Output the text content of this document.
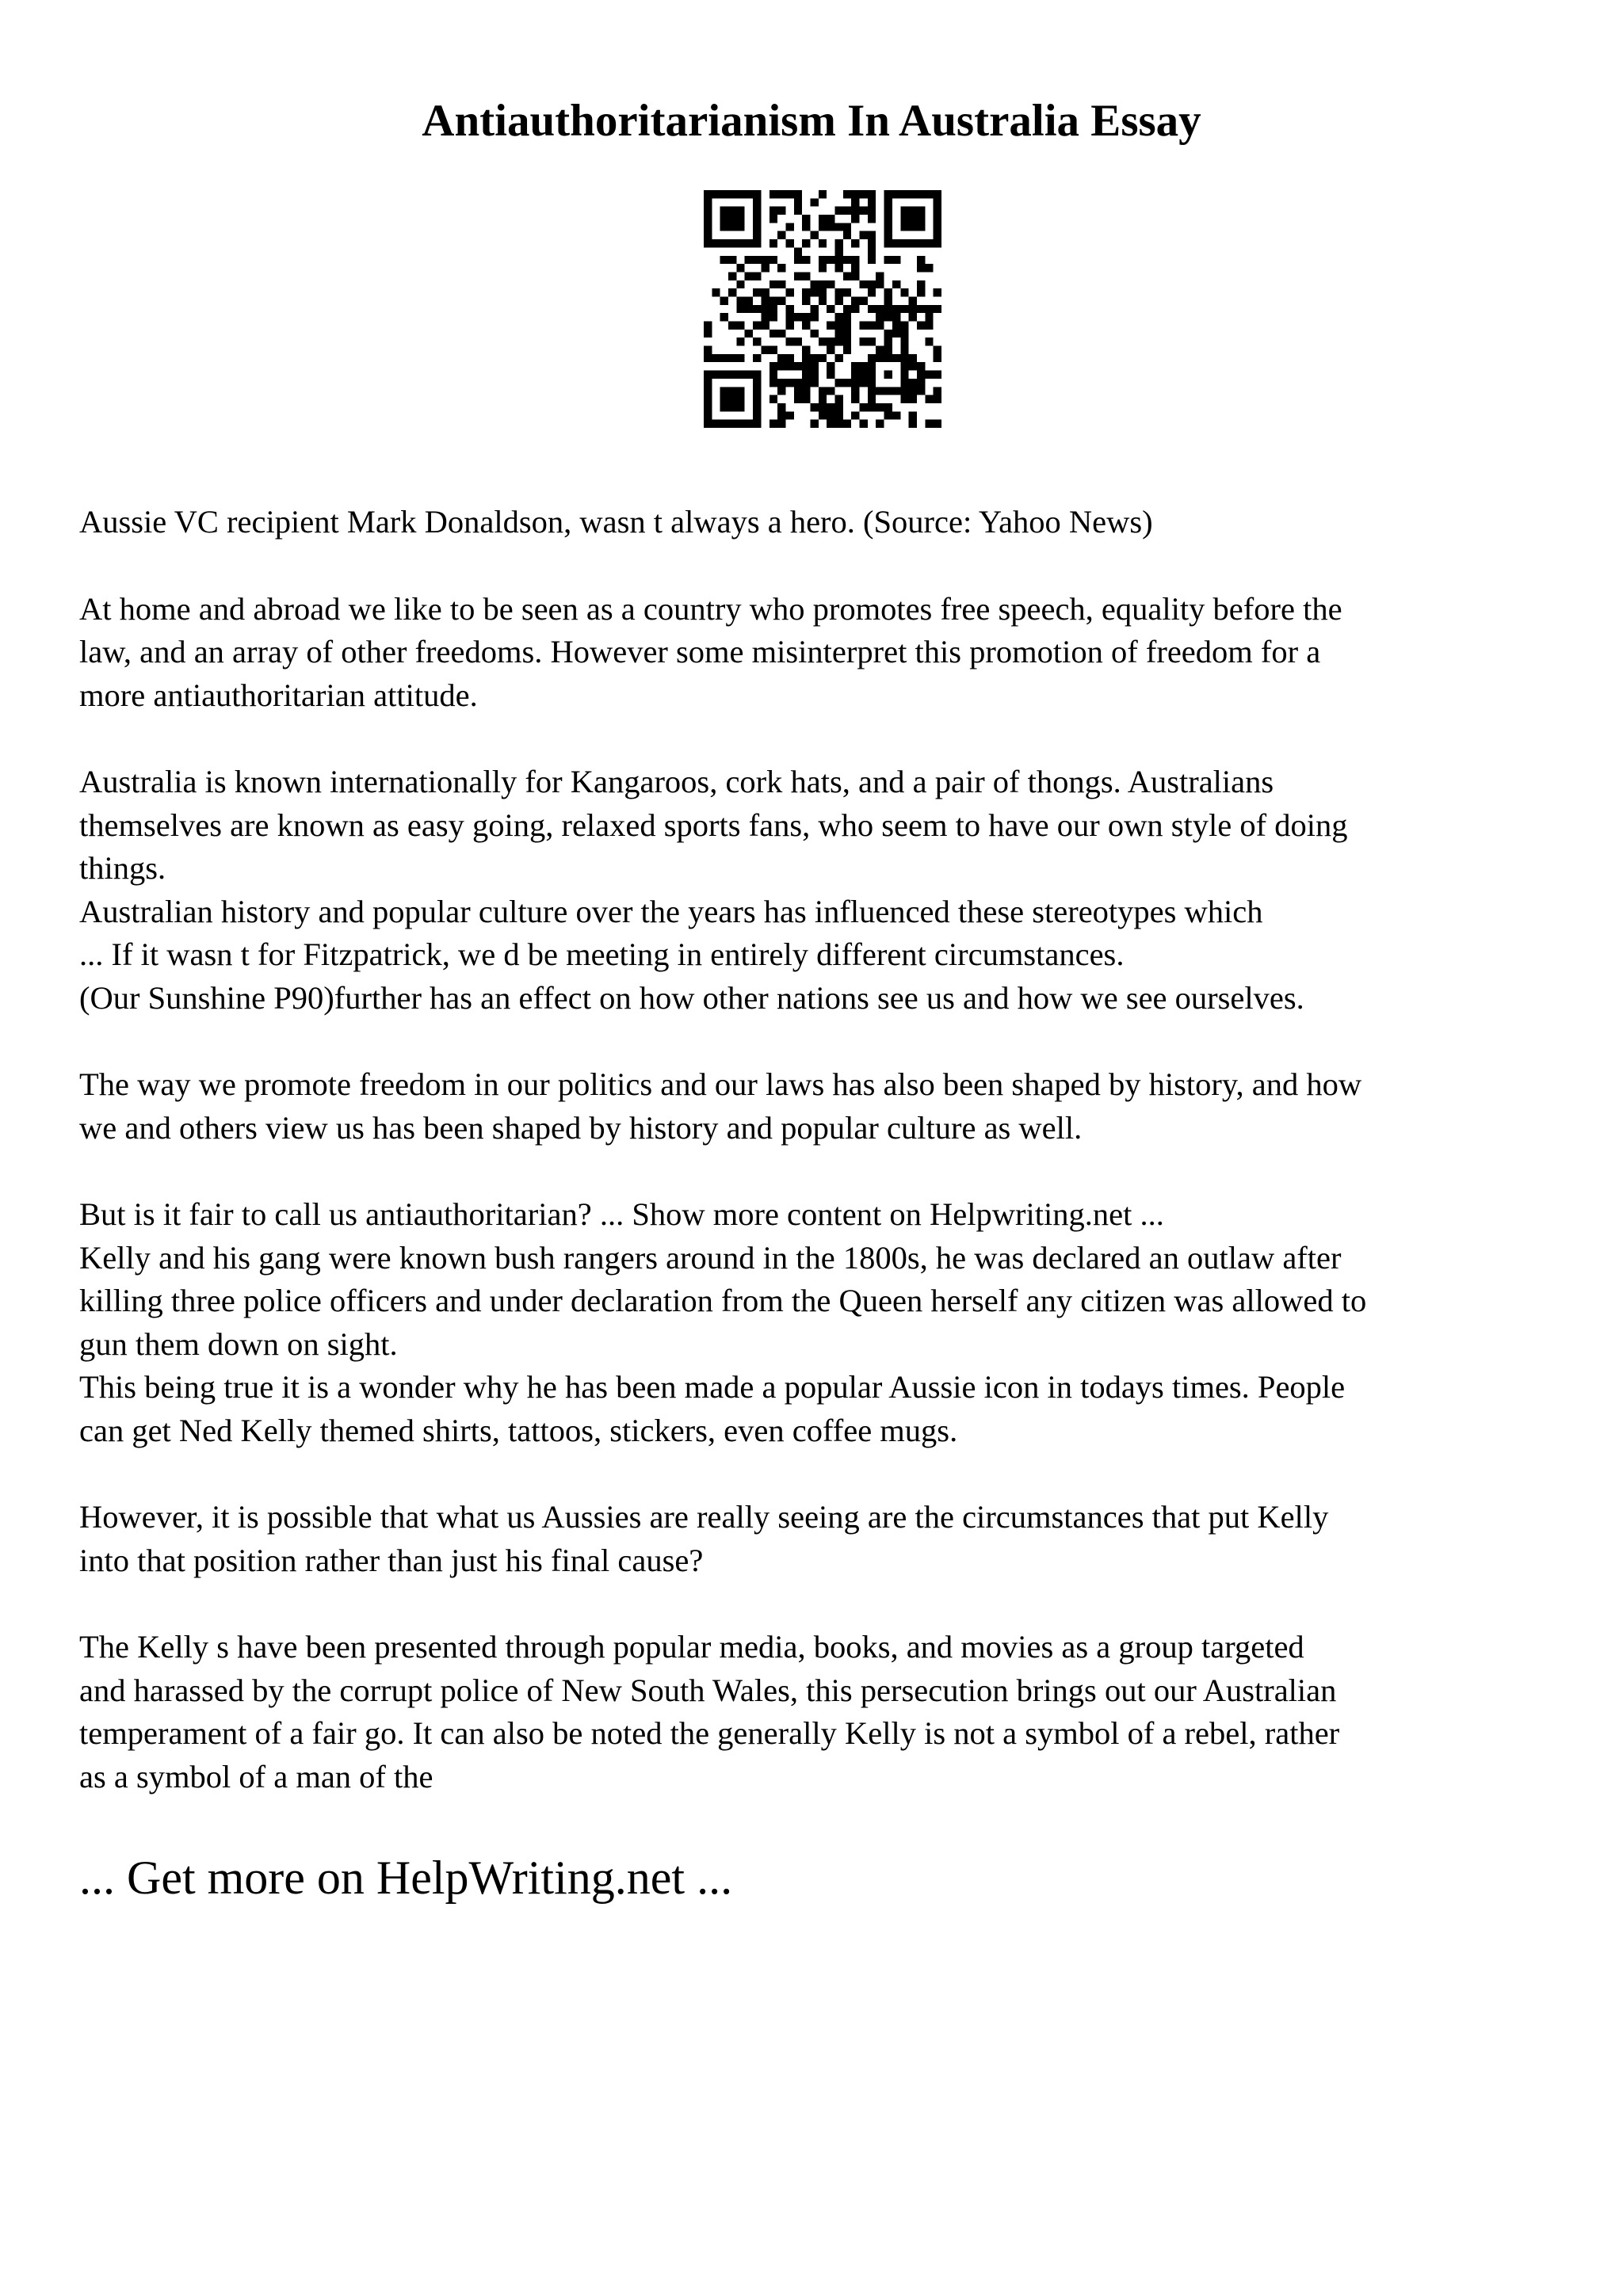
Antiauthoritarianism In Australia Essay

Aussie VC recipient Mark Donaldson, wasn t always a hero. (Source: Yahoo News)

At home and abroad we like to be seen as a country who promotes free speech, equality before the
law, and an array of other freedoms. However some misinterpret this promotion of freedom for a
more antiauthoritarian attitude.

Australia is known internationally for Kangaroos, cork hats, and a pair of thongs. Australians
themselves are known as easy going, relaxed sports fans, who seem to have our own style of doing
things.
Australian history and popular culture over the years has influenced these stereotypes which
... If it wasn t for Fitzpatrick, we d be meeting in entirely different circumstances.
(Our Sunshine P90)further has an effect on how other nations see us and how we see ourselves.

The way we promote freedom in our politics and our laws has also been shaped by history, and how
we and others view us has been shaped by history and popular culture as well.

But is it fair to call us antiauthoritarian? ... Show more content on Helpwriting.net ...
Kelly and his gang were known bush rangers around in the 1800s, he was declared an outlaw after
killing three police officers and under declaration from the Queen herself any citizen was allowed to
gun them down on sight.
This being true it is a wonder why he has been made a popular Aussie icon in todays times. People
can get Ned Kelly themed shirts, tattoos, stickers, even coffee mugs.

However, it is possible that what us Aussies are really seeing are the circumstances that put Kelly
into that position rather than just his final cause?

The Kelly s have been presented through popular media, books, and movies as a group targeted
and harassed by the corrupt police of New South Wales, this persecution brings out our Australian
temperament of a fair go. It can also be noted the generally Kelly is not a symbol of a rebel, rather
as a symbol of a man of the

... Get more on HelpWriting.net ...
